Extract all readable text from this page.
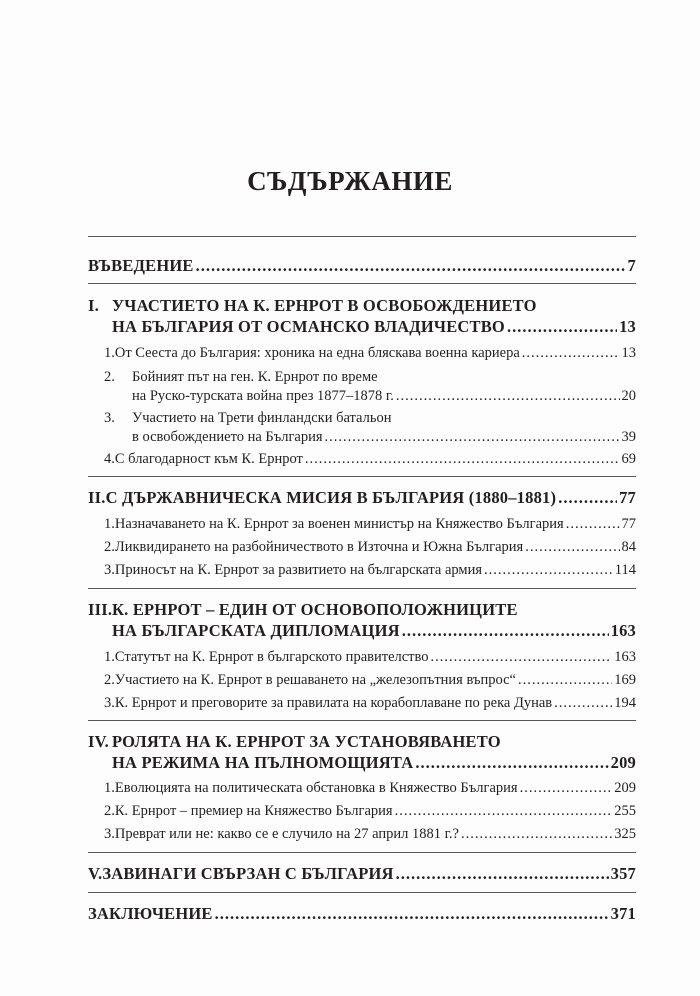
СЪДЪРЖАНИЕ
ВЪВЕДЕНИЕ .....	7
I. УЧАСТИЕТО НА К. ЕРНРОТ В ОСВОБОЖДЕНИЕТО
НА БЪЛГАРИЯ ОТ ОСМАНСКО ВЛАДИЧЕСТВО .....	13
1. От Сееста до България: хроника на една бляскава военна кариера .....	13
2. Бойният път на ген. К. Ернрот по време
на Руско-турската война през 1877–1878 г. .....	20
3. Участието на Трети финландски батальон
в освобождението на България .....	39
4. С благодарност към К. Ернрот .....	69
II. С ДЪРЖАВНИЧЕСКА МИСИЯ В БЪЛГАРИЯ (1880–1881) .....	77
1. Назначаването на К. Ернрот за военен министър на Княжество България .....	77
2. Ликвидирането на разбойничеството в Източна и Южна България .....	84
3. Приносът на К. Ернрот за развитието на българската армия .....	114
III.К. ЕРНРОТ – ЕДИН ОТ ОСНОВОПОЛОЖНИЦИТЕ
НА БЪЛГАРСКАТА ДИПЛОМАЦИЯ .....	163
1. Статутът на К. Ернрот в българското правителство .....	163
2. Участието на К. Ернрот в решаването на „железопътния въпрос“ .....	169
3. К. Ернрот и преговорите за правилата на корабоплаване по река Дунав .....	194
IV. РОЛЯТА НА К. ЕРНРОТ ЗА УСТАНОВЯВАНЕТО
НА РЕЖИМА НА ПЪЛНОМОЩИЯТА .....	209
1. Еволюцията на политическата обстановка в Княжество България .....	209
2. К. Ернрот – премиер на Княжество България .....	255
3. Преврат или не: какво се е случило на 27 април 1881 г.? .....	325
V. ЗАВИНАГИ СВЪРЗАН С БЪЛГАРИЯ .....	357
ЗАКЛЮЧЕНИЕ .....	371
